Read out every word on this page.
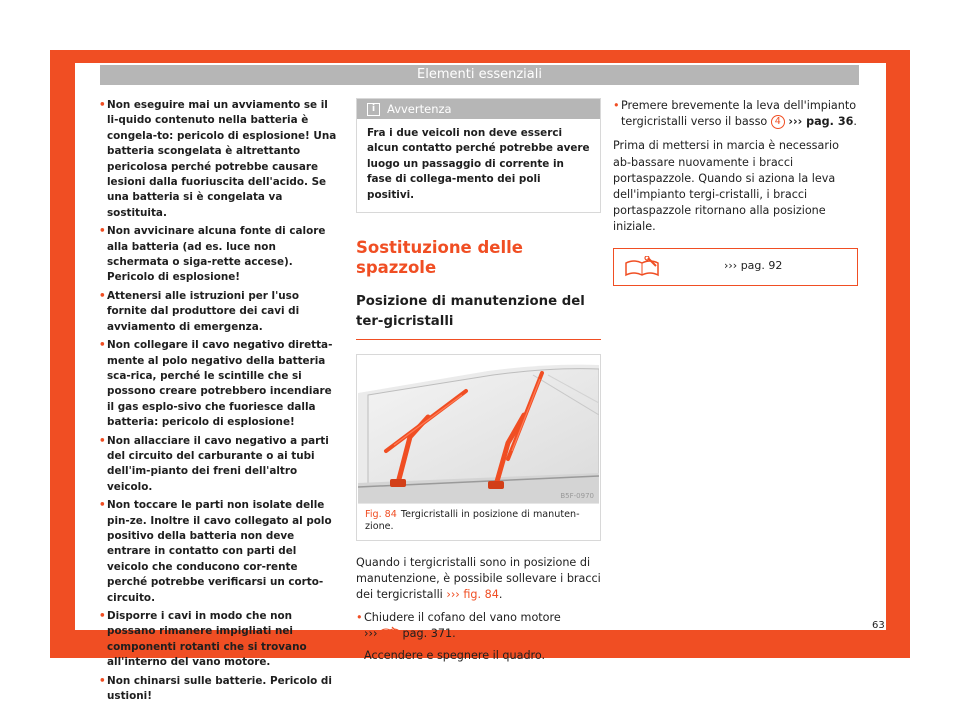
Elementi essenziali
• Non eseguire mai un avviamento se il li-quido contenuto nella batteria è congela-to: pericolo di esplosione! Una batteria scongelata è altrettanto pericolosa perché potrebbe causare lesioni dalla fuoriuscita dell'acido. Se una batteria si è congelata va sostituita.
• Non avvicinare alcuna fonte di calore alla batteria (ad es. luce non schermata o siga-rette accese). Pericolo di esplosione!
• Attenersi alle istruzioni per l'uso fornite dal produttore dei cavi di avviamento di emergenza.
• Non collegare il cavo negativo diretta-mente al polo negativo della batteria sca-rica, perché le scintille che si possono creare potrebbero incendiare il gas esplo-sivo che fuoriesce dalla batteria: pericolo di esplosione!
• Non allacciare il cavo negativo a parti del circuito del carburante o ai tubi dell'im-pianto dei freni dell'altro veicolo.
• Non toccare le parti non isolate delle pin-ze. Inoltre il cavo collegato al polo positivo della batteria non deve entrare in contatto con parti del veicolo che conducono cor-rente perché potrebbe verificarsi un corto-circuito.
• Disporre i cavi in modo che non possano rimanere impigliati nei componenti rotanti che si trovano all'interno del vano motore.
• Non chinarsi sulle batterie. Pericolo di ustioni!
i	Avvertenza
Fra i due veicoli non deve esserci alcun contatto perché potrebbe avere luogo un passaggio di corrente in fase di collega-mento dei poli positivi.
Sostituzione delle spazzole
Posizione di manutenzione del ter-gicristalli
B5F-0970
Fig. 84 Tergicristalli in posizione di manuten-zione.
Quando i tergicristalli sono in posizione di manutenzione, è possibile sollevare i bracci dei tergicristalli ››› fig. 84.
• Chiudere il cofano del vano motore
››› pag. 371.
• Accendere e spegnere il quadro.
• Premere brevemente la leva dell'impianto tergicristalli verso il basso 4 ››› pag. 36.
Prima di mettersi in marcia è necessario ab-bassare nuovamente i bracci portaspazzole. Quando si aziona la leva dell'impianto tergi-cristalli, i bracci portaspazzole ritornano alla posizione iniziale.
››› pag. 92
63
